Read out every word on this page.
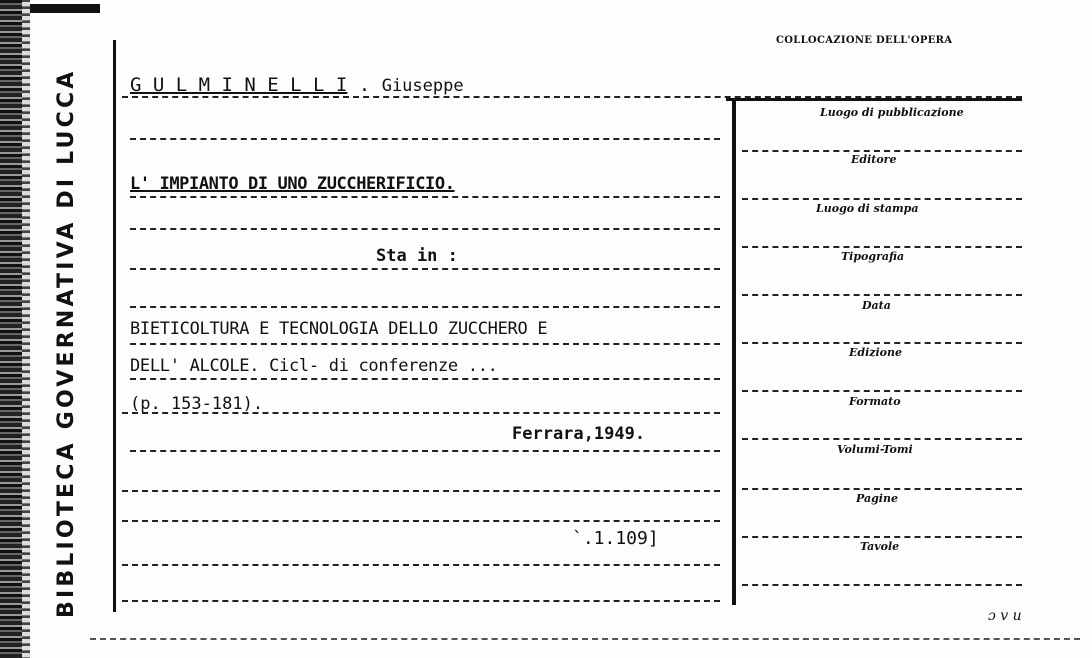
BIBLIOTECA GOVERNATIVA DI LUCCA
COLLOCAZIONE DELL'OPERA
Luogo di pubblicazione
Editore
Luogo di stampa
Tipografia
Data
Edizione
Formato
Volumi-Tomi
Pagine
Tavole
G U L M I N E L L I . Giuseppe
L' IMPIANTO DI UNO ZUCCHERIFICIO.
Sta in :
BIETICOLTURA E TECNOLOGIA DELLO ZUCCHERO E
DELL' ALCOLE. Cicl- di conferenze ...
(p. 153-181).
Ferrara,1949.
`.1.109]
ɔ v u
